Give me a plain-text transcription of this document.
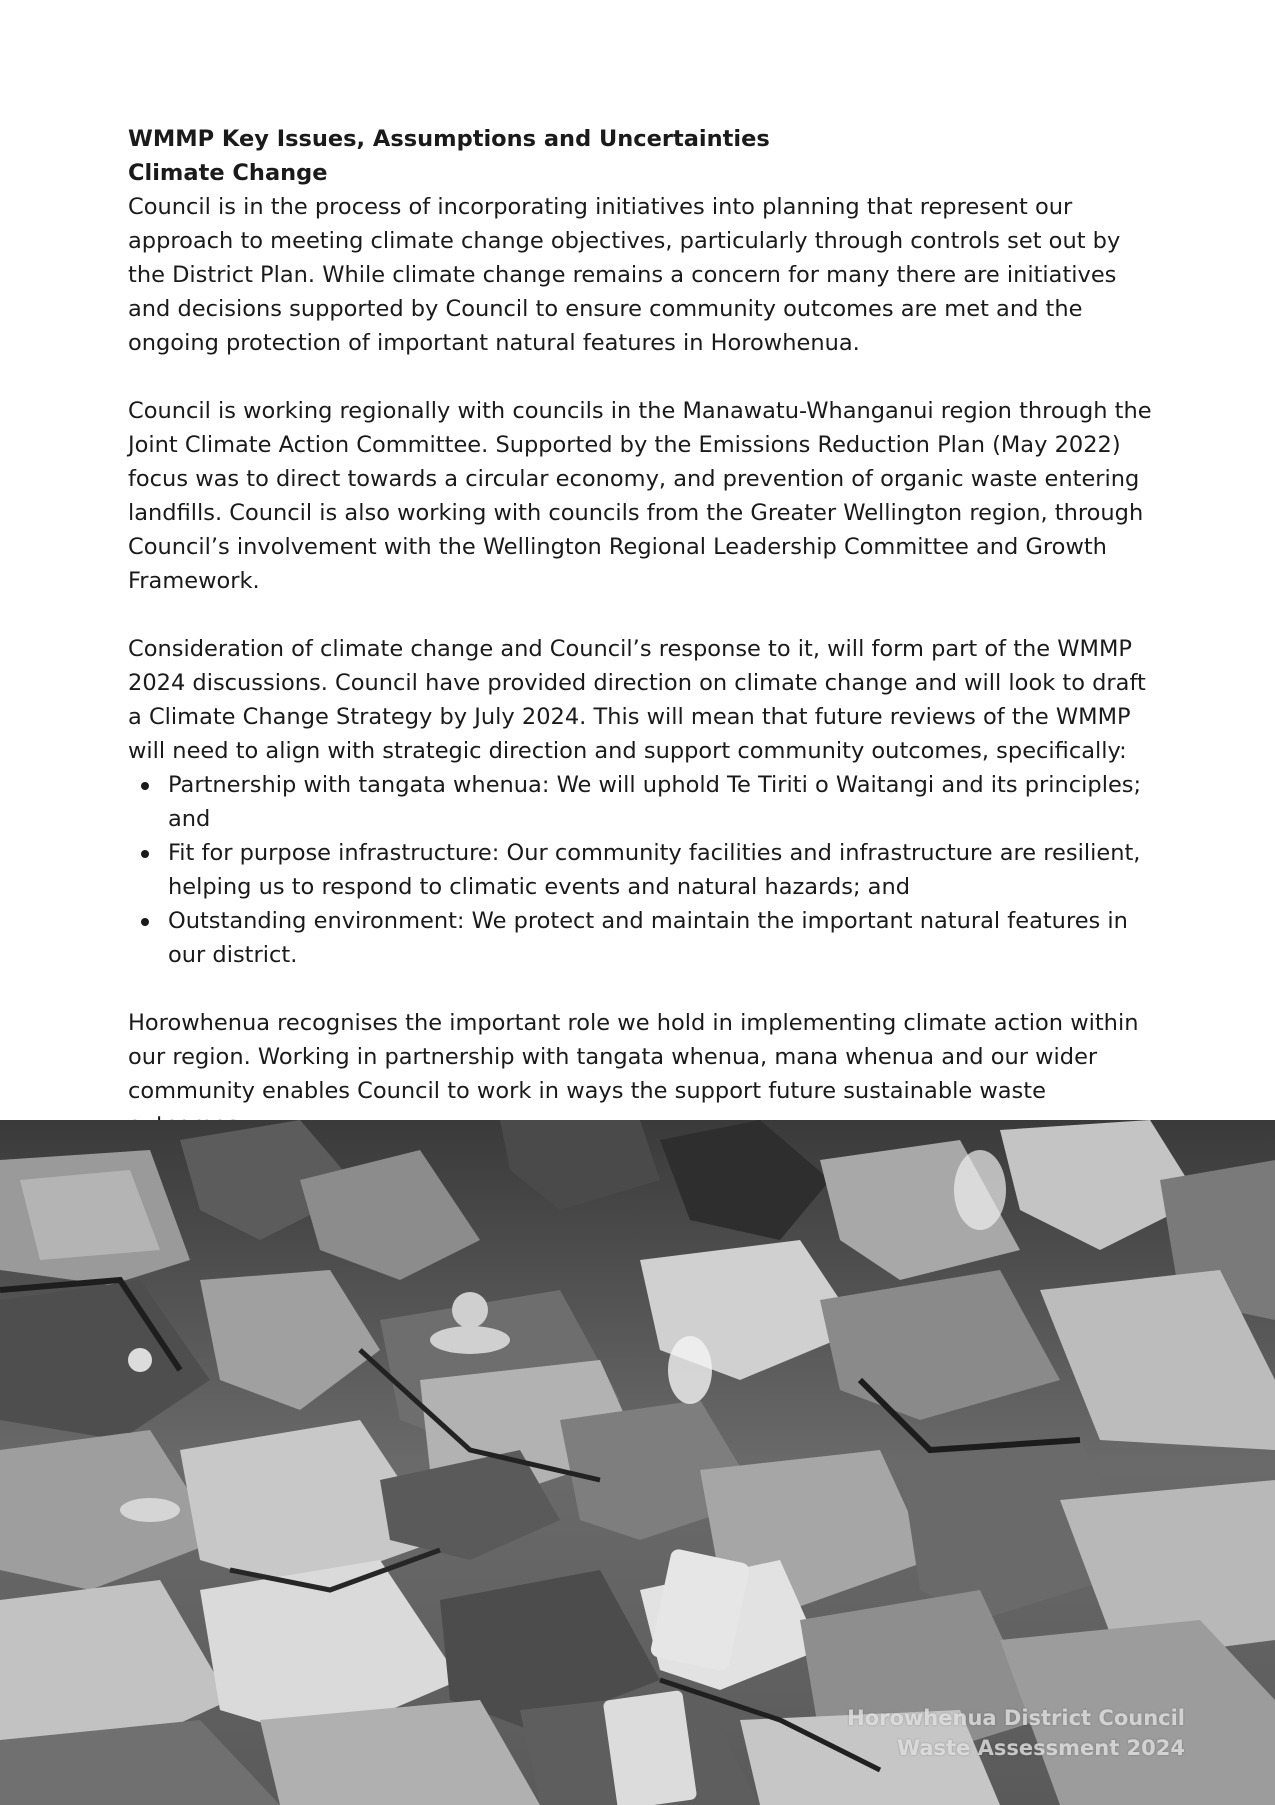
WMMP Key Issues, Assumptions and Uncertainties

Climate Change

Council is in the process of incorporating initiatives into planning that represent our approach to meeting climate change objectives, particularly through controls set out by the District Plan. While climate change remains a concern for many there are initiatives and decisions supported by Council to ensure community outcomes are met and the ongoing protection of important natural features in Horowhenua.

Council is working regionally with councils in the Manawatu-Whanganui region through the Joint Climate Action Committee. Supported by the Emissions Reduction Plan (May 2022) focus was to direct towards a circular economy, and prevention of organic waste entering landfills. Council is also working with councils from the Greater Wellington region, through Council’s involvement with the Wellington Regional Leadership Committee and Growth Framework.

Consideration of climate change and Council’s response to it, will form part of the WMMP 2024 discussions. Council have provided direction on climate change and will look to draft a Climate Change Strategy by July 2024. This will mean that future reviews of the WMMP will need to align with strategic direction and support community outcomes, specifically:

Partnership with tangata whenua: We will uphold Te Tiriti o Waitangi and its principles; and
Fit for purpose infrastructure: Our community facilities and infrastructure are resilient, helping us to respond to climatic events and natural hazards; and
Outstanding environment: We protect and maintain the important natural features in our district.

Horowhenua recognises the important role we hold in implementing climate action within our region. Working in partnership with tangata whenua, mana whenua and our wider community enables Council to work in ways the support future sustainable waste

Horowhenua District Council
Waste Assessment 2024
